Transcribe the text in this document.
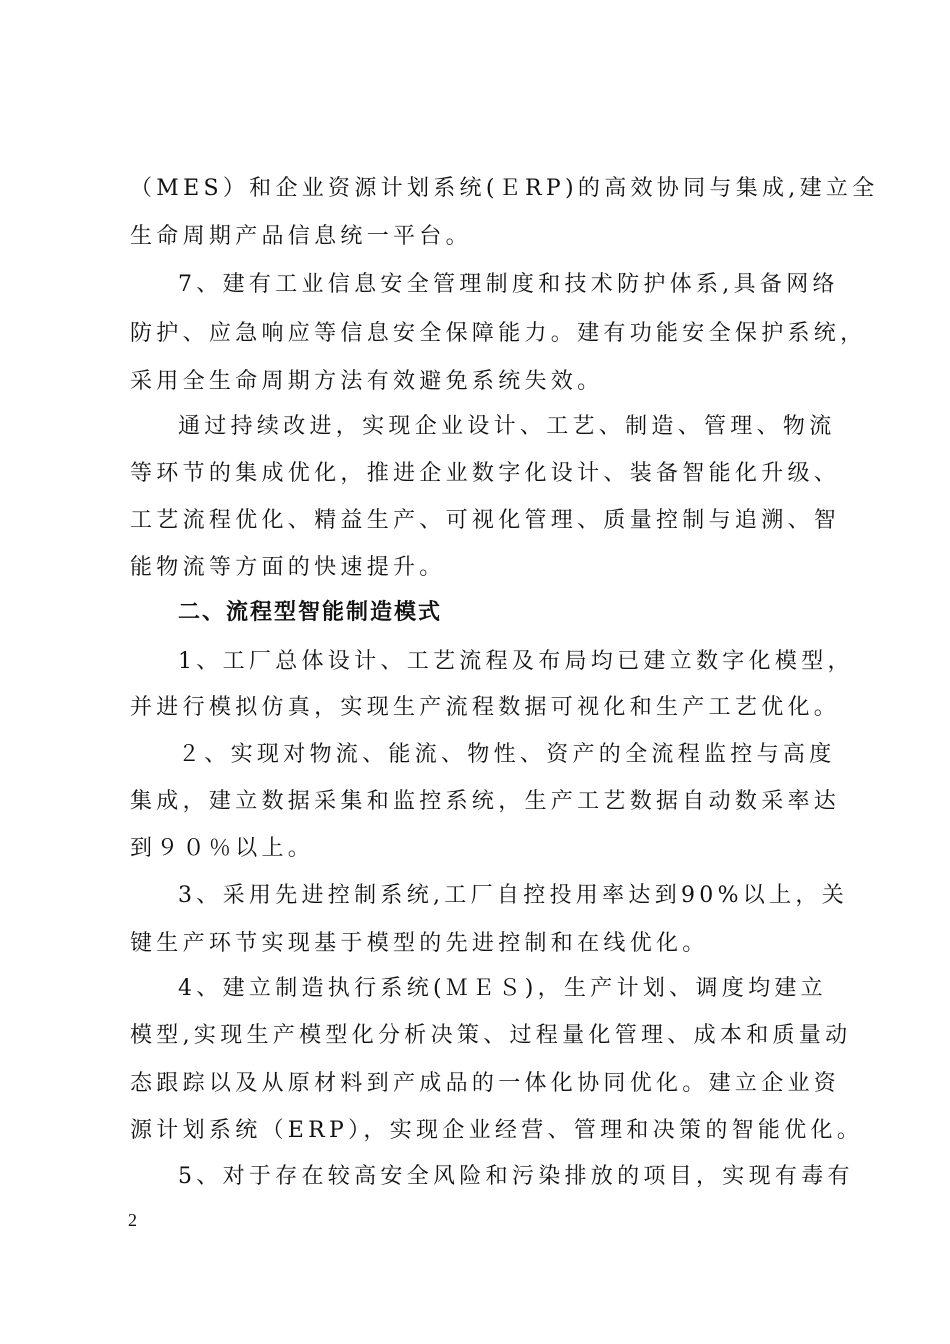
（MES）和企业资源计划系统(ＥRP)的高效协同与集成,建立全
生命周期产品信息统一平台。
7、建有工业信息安全管理制度和技术防护体系,具备网络
防护、应急响应等信息安全保障能力。建有功能安全保护系统，
采用全生命周期方法有效避免系统失效。
通过持续改进，实现企业设计、工艺、制造、管理、物流
等环节的集成优化，推进企业数字化设计、装备智能化升级、
工艺流程优化、精益生产、可视化管理、质量控制与追溯、智
能物流等方面的快速提升。
二、流程型智能制造模式
1、工厂总体设计、工艺流程及布局均已建立数字化模型，
并进行模拟仿真，实现生产流程数据可视化和生产工艺优化。
２、实现对物流、能流、物性、资产的全流程监控与高度
集成，建立数据采集和监控系统，生产工艺数据自动数采率达
到９０％以上。
3、采用先进控制系统,工厂自控投用率达到90%以上，关
键生产环节实现基于模型的先进控制和在线优化。
4、建立制造执行系统(ＭＥＳ)，生产计划、调度均建立
模型,实现生产模型化分析决策、过程量化管理、成本和质量动
态跟踪以及从原材料到产成品的一体化协同优化。建立企业资
源计划系统（ERP），实现企业经营、管理和决策的智能优化。
5、对于存在较高安全风险和污染排放的项目，实现有毒有
2
